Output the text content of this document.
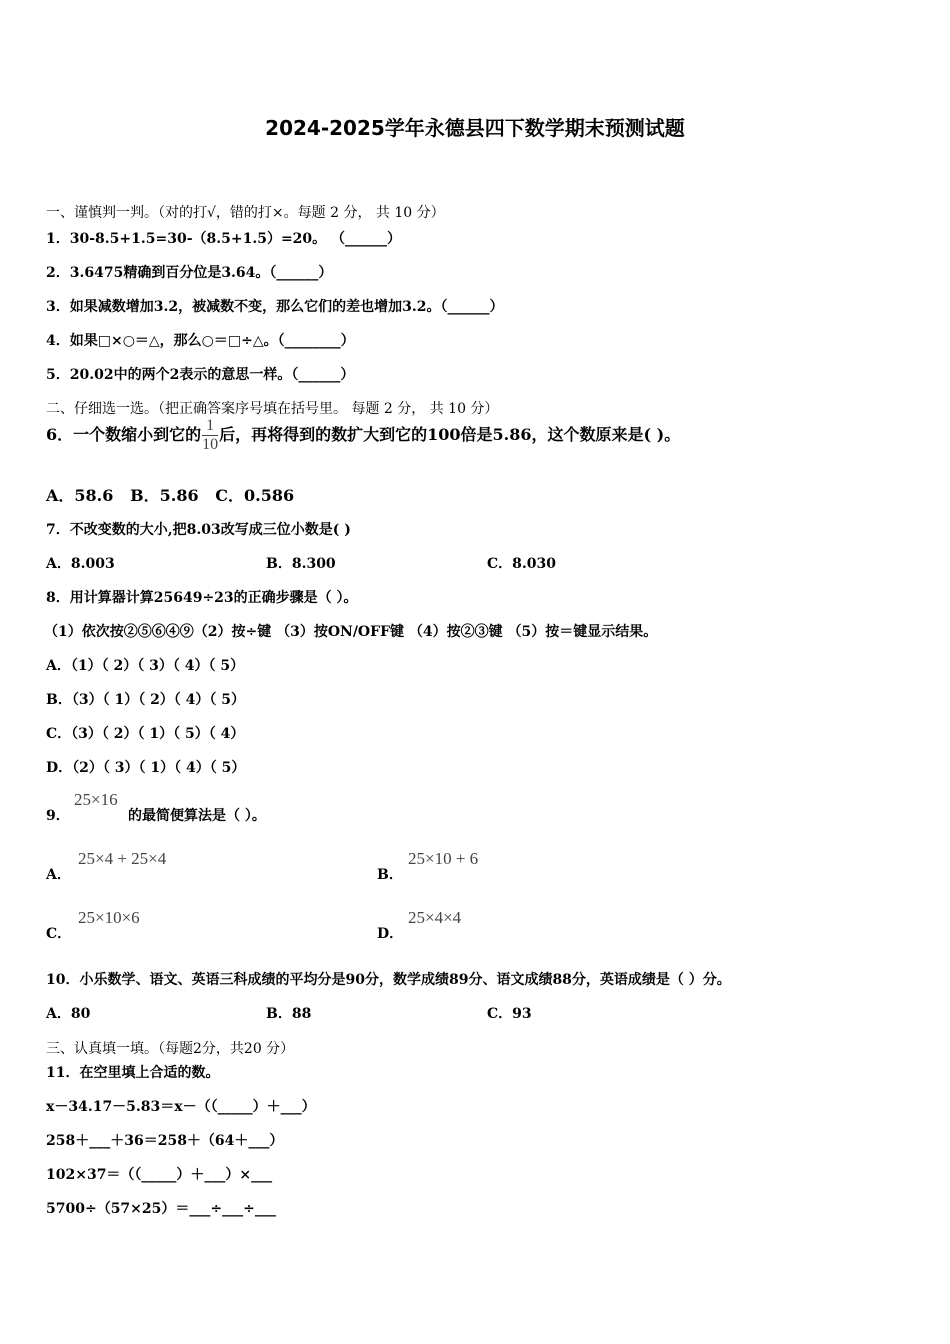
2024-2025学年永德县四下数学期末预测试题
一、谨慎判一判。（对的打√，错的打×。每题 2 分， 共 10 分）
1．30-8.5+1.5=30-（8.5+1.5）=20。 （______）
2．3.6475精确到百分位是3.64。（______）
3．如果减数增加3.2，被减数不变，那么它们的差也增加3.2。（______）
4．如果□×○＝△，那么○＝□÷△。（________）
5．20.02中的两个2表示的意思一样。（______）
二、仔细选一选。（把正确答案序号填在括号里。 每题 2 分， 共 10 分）
6．一个数缩小到它的 $\frac{1}{10}$ 后，再将得到的数扩大到它的100倍是5.86，这个数原来是( )。
A．58.6   B．5.86   C．0.586
7．不改变数的大小,把8.03改写成三位小数是( )
A．8.003	B．8.300	C．8.030
8．用计算器计算25649÷23的正确步骤是（ ）。
（1）依次按②⑤⑥④⑨（2）按÷键 （3）按ON/OFF键 （4）按②③键 （5）按＝键显示结果。
A．（1）（ 2）（ 3）（ 4）（ 5）
B．（3）（ 1）（ 2）（ 4）（ 5）
C．（3）（ 2）（ 1）（ 5）（ 4）
D．（2）（ 3）（ 1）（ 4）（ 5）
9．
25×16
的最简便算法是（ ）。
A．
25×4 + 25×4
B．
25×10 + 6
C．
25×10×6
D．
25×4×4
10．小乐数学、语文、英语三科成绩的平均分是90分，数学成绩89分、语文成绩88分，英语成绩是（ ）分。
A．80	B．88	C．93
三、认真填一填。（每题2分，共20 分）
11．在空里填上合适的数。
x－34.17－5.83＝x－（（_____）＋___）
258＋___＋36＝258＋（64＋___）
102×37＝（（_____）＋___）×___
5700÷（57×25）＝___÷___÷___
